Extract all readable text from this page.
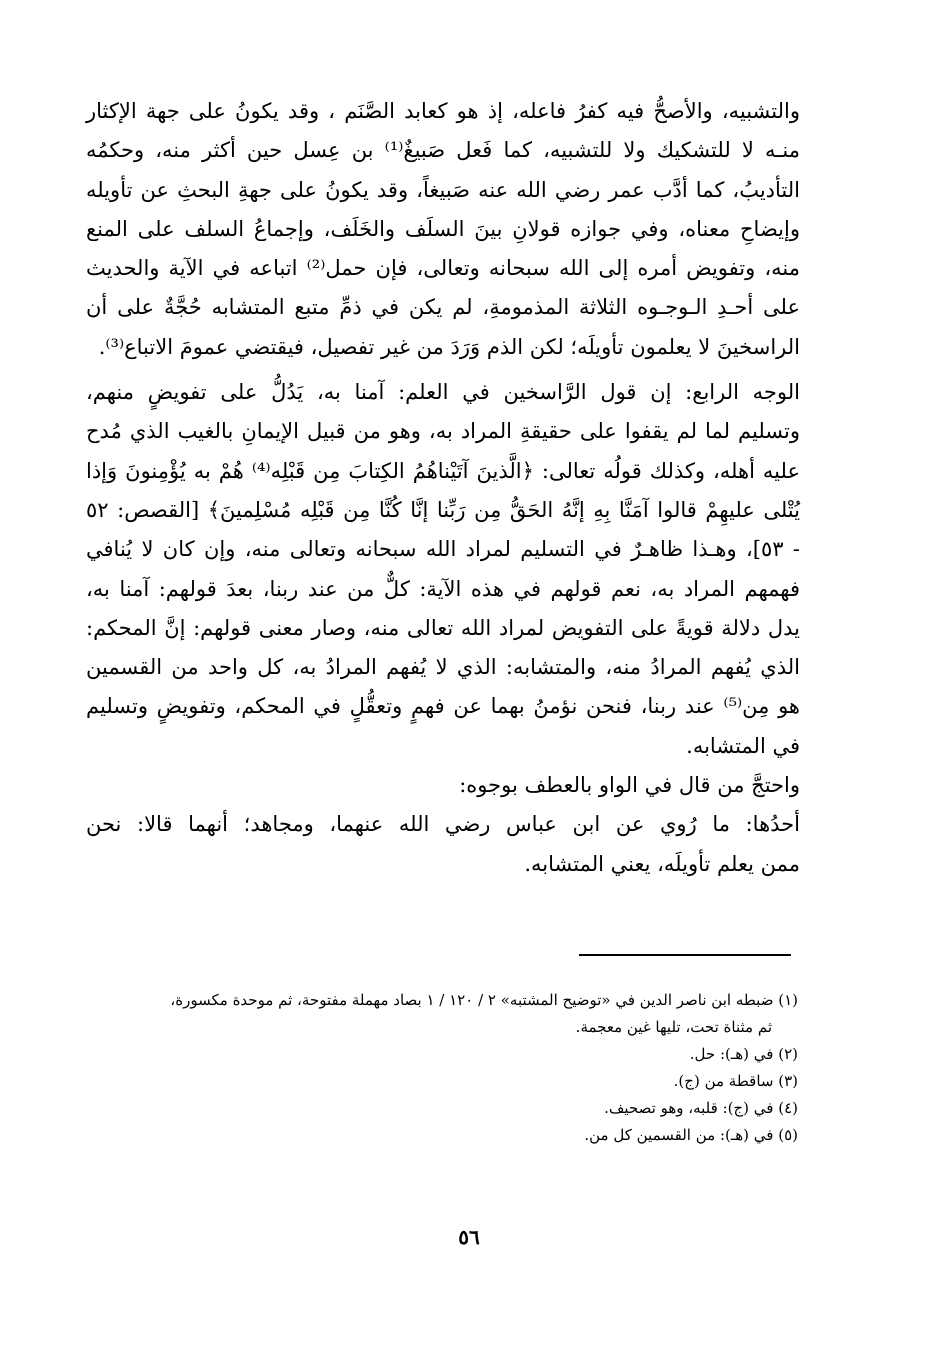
والتشبيه، والأصحُّ فيه كفرُ فاعله، إذ هو كعابد الصَّنَم ، وقد يكونُ على جهة الإكثار
منـه لا للتشكيك ولا للتشبيه، كما فَعل صَبيغٌ⁽¹⁾ بن عِسل حين أكثر منه، وحكمُه
التأديبُ، كما أدَّب عمر رضي الله عنه صَبيغاً، وقد يكونُ على جهةِ البحثِ عن تأويله
وإيضاحِ معناه، وفي جوازه قولانِ بينَ السلَف والخَلَف، وإجماعُ السلف على المنع
منه، وتفويض أمره إلى الله سبحانه وتعالى، فإن حمل⁽²⁾ اتباعه في الآية والحديث
على أحـدِ الـوجـوه الثلاثة المذمومةِ، لم يكن في ذمِّ متبع المتشابه حُجَّةٌ على أن
الراسخينَ لا يعلمون تأويلَه؛ لكن الذم وَرَدَ من غير تفصيل، فيقتضي عمومَ الاتباع⁽³⁾.
الوجه الرابع: إن قول الرَّاسخين في العلم: آمنا به، يَدُلُّ على تفويضٍ منهم،
وتسليم لما لم يقفوا على حقيقةِ المراد به، وهو من قبيل الإيمانِ بالغيب الذي مُدح
عليه أهله، وكذلك قولُه تعالى: ﴿الَّذينَ آتَيْناهُمُ الكِتابَ مِن قَبْلِه⁽⁴⁾ هُمْ به يُؤْمِنونَ وَإذا
يُتْلى عليهِمْ قالوا آمَنَّا بِهِ إنَّهُ الحَقُّ مِن رَبِّنا إنَّا كُنَّا مِن قَبْلِه مُسْلِمينَ﴾ [القصص: ٥٢
- ٥٣]، وهـذا ظاهـرٌ في التسليم لمراد الله سبحانه وتعالى منه، وإن كان لا يُنافي
فهمهم المراد به، نعم قولهم في هذه الآية: كلٌّ من عند ربنا، بعدَ قولهم: آمنا به،
يدل دلالة قويةً على التفويض لمراد الله تعالى منه، وصار معنى قولهم: إنَّ المحكم:
الذي يُفهم المرادُ منه، والمتشابه: الذي لا يُفهم المرادُ به، كل واحد من القسمين
هو مِن⁽⁵⁾ عند ربنا، فنحن نؤمنُ بهما عن فهمٍ وتعقُّلٍ في المحكم، وتفويضٍ وتسليم
في المتشابه.
واحتجَّ من قال في الواو بالعطف بوجوه:
أحدُها: ما رُوي عن ابن عباس رضي الله عنهما، ومجاهد؛ أنهما قالا: نحن
ممن يعلم تأويلَه، يعني المتشابه.
(١) ضبطه ابن ناصر الدين في «توضيح المشتبه» ٢ / ١٢٠ / ١ بصاد مهملة مفتوحة، ثم موحدة مكسورة،
ثم مثناة تحت، تليها غين معجمة.
(٢) في (هـ): حل.
(٣) ساقطة من (ج).
(٤) في (ج): قلبه، وهو تصحيف.
(٥) في (هـ): من القسمين كل من.
٥٦
